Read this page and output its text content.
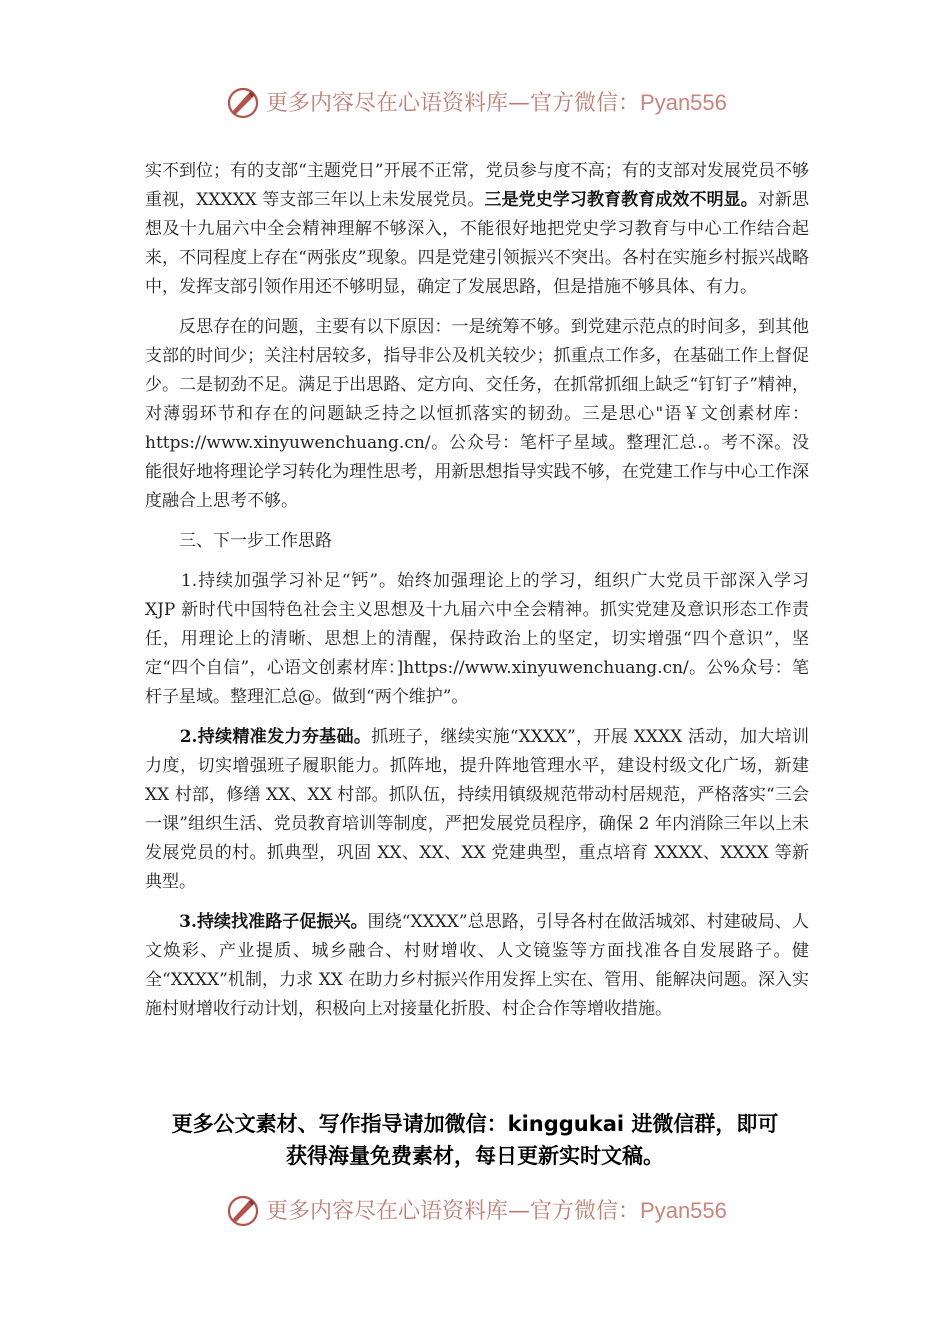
更多内容尽在心语资料库—官方微信：Pyan556

实不到位；有的支部“主题党日”开展不正常，党员参与度不高；有的支部对发展党员不够重视，XXXXX 等支部三年以上未发展党员。三是党史学习教育教育成效不明显。对新思想及十九届六中全会精神理解不够深入，不能很好地把党史学习教育与中心工作结合起来，不同程度上存在“两张皮”现象。四是党建引领振兴不突出。各村在实施乡村振兴战略中，发挥支部引领作用还不够明显，确定了发展思路，但是措施不够具体、有力。

　　反思存在的问题，主要有以下原因：一是统筹不够。到党建示范点的时间多，到其他支部的时间少；关注村居较多，指导非公及机关较少；抓重点工作多，在基础工作上督促少。二是韧劲不足。满足于出思路、定方向、交任务，在抓常抓细上缺乏“钉钉子”精神，对薄弱环节和存在的问题缺乏持之以恒抓落实的韧劲。三是思心"语￥文创素材库：https://www.xinyuwenchuang.cn/。公众号：笔杆子星域。整理汇总.。考不深。没能很好地将理论学习转化为理性思考，用新思想指导实践不够，在党建工作与中心工作深度融合上思考不够。

　　三、下一步工作思路

　　1.持续加强学习补足“钙”。始终加强理论上的学习，组织广大党员干部深入学习 XJP 新时代中国特色社会主义思想及十九届六中全会精神。抓实党建及意识形态工作责任，用理论上的清晰、思想上的清醒，保持政治上的坚定，切实增强“四个意识”，坚定“四个自信”，心语文创素材库：]https://www.xinyuwenchuang.cn/。公%众号：笔杆子星域。整理汇总@。做到“两个维护”。

　　2.持续精准发力夯基础。抓班子，继续实施“XXXX”，开展 XXXX 活动，加大培训力度，切实增强班子履职能力。抓阵地，提升阵地管理水平，建设村级文化广场，新建 XX 村部，修缮 XX、XX 村部。抓队伍，持续用镇级规范带动村居规范，严格落实“三会一课”组织生活、党员教育培训等制度，严把发展党员程序，确保 2 年内消除三年以上未发展党员的村。抓典型，巩固 XX、XX、XX 党建典型，重点培育 XXXX、XXXX 等新典型。

　　3.持续找准路子促振兴。围绕“XXXX”总思路，引导各村在做活城郊、村建破局、人文焕彩、产业提质、城乡融合、村财增收、人文镜鉴等方面找准各自发展路子。健全“XXXX”机制，力求 XX 在助力乡村振兴作用发挥上实在、管用、能解决问题。深入实施村财增收行动计划，积极向上对接量化折股、村企合作等增收措施。

更多公文素材、写作指导请加微信：kinggukai 进微信群，即可
获得海量免费素材，每日更新实时文稿。
更多内容尽在心语资料库—官方微信：Pyan556
